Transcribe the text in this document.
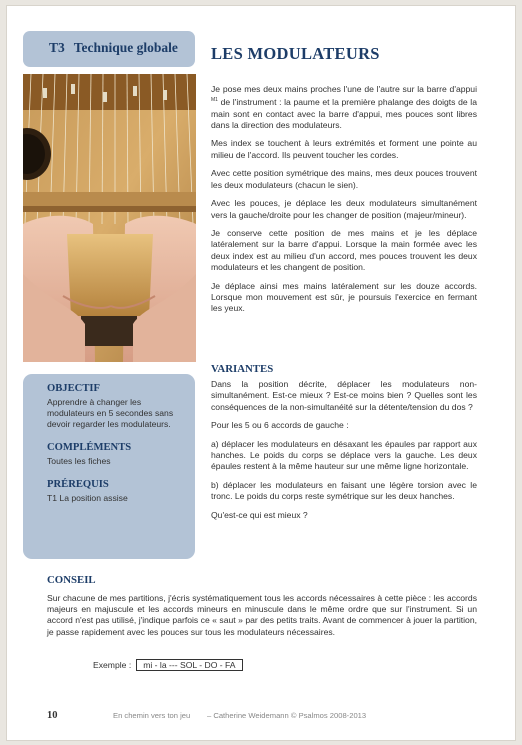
T3 Technique globale	LES MODULATEURS

Je pose mes deux mains proches l'une de l'autre sur la barre d'appui $^{M1}$ de l'instrument : la paume et la première phalange des doigts de la main sont en contact avec la barre d'appui, mes pouces sont libres dans la direction des modulateurs.

Mes index se touchent à leurs extrémités et forment une pointe au milieu de l'accord. Ils peuvent toucher les cordes.

Avec cette position symétrique des mains, mes deux pouces trouvent les deux modulateurs (chacun le sien).

Avec les pouces, je déplace les deux modulateurs simultanément vers la gauche/droite pour les changer de position (majeur/mineur).

Je conserve cette position de mes mains et je les déplace latéralement sur la barre d'appui. Lorsque la main formée avec les deux index est au milieu d'un accord, mes pouces trouvent les deux modulateurs et les changent de position.

Je déplace ainsi mes mains latéralement sur les douze accords. Lorsque mon mouvement est sûr, je poursuis l'exercice en fermant les yeux.

OBJECTIF
Apprendre à changer les modulateurs en 5 secondes sans devoir regarder les modulateurs.
COMPLÉMENTS
Toutes les fiches
PRÉREQUIS
T1 La position assise
VARIANTES

Dans la position décrite, déplacer les modulateurs non-simultanément. Est-ce mieux ? Est-ce moins bien ? Quelles sont les conséquences de la non-simultanéité sur la détente/tension du dos ?

Pour les 5 ou 6 accords de gauche :

a) déplacer les modulateurs en désaxant les épaules par rapport aux hanches. Le poids du corps se déplace vers la gauche. Les deux épaules restent à la même hauteur sur une même ligne horizontale.

b) déplacer les modulateurs en faisant une légère torsion avec le tronc. Le poids du corps reste symétrique sur les deux hanches.

Qu'est-ce qui est mieux ?

CONSEIL
Sur chacune de mes partitions, j'écris systématiquement tous les accords nécessaires à cette pièce : les accords majeurs en majuscule et les accords mineurs en minuscule dans le même ordre que sur l'instrument. Si un accord n'est pas utilisé, j'indique parfois ce « saut » par des petits traits. Avant de commencer à jouer la partition, je passe rapidement avec les pouces sur tous les modulateurs nécessaires.
Exemple : mi - la --- SOL - DO - FA
10	En chemin vers ton jeu – Catherine Weidemann © Psalmos 2008-2013
